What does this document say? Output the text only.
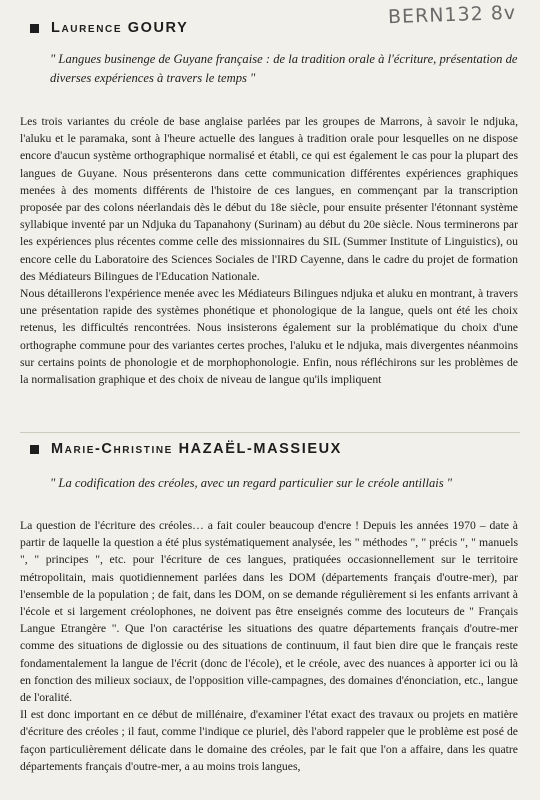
BERN132 8v
Laurence GOURY
" Langues businenge de Guyane française : de la tradition orale à l'écriture, présentation de diverses expériences à travers le temps "

Les trois variantes du créole de base anglaise parlées par les groupes de Marrons, à savoir le ndjuka, l'aluku et le paramaka, sont à l'heure actuelle des langues à tradition orale pour lesquelles on ne dispose encore d'aucun système orthographique normalisé et établi, ce qui est également le cas pour la plupart des langues de Guyane. Nous présenterons dans cette communication différentes expériences graphiques menées à des moments différents de l'histoire de ces langues, en commençant par la transcription proposée par des colons néerlandais dès le début du 18e siècle, pour ensuite présenter l'étonnant système syllabique inventé par un Ndjuka du Tapanahony (Surinam) au début du 20e siècle. Nous terminerons par les expériences plus récentes comme celle des missionnaires du SIL (Summer Institute of Linguistics), ou encore celle du Laboratoire des Sciences Sociales de l'IRD Cayenne, dans le cadre du projet de formation des Médiateurs Bilingues de l'Education Nationale.

Nous détaillerons l'expérience menée avec les Médiateurs Bilingues ndjuka et aluku en montrant, à travers une présentation rapide des systèmes phonétique et phonologique de la langue, quels ont été les choix retenus, les difficultés rencontrées. Nous insisterons également sur la problématique du choix d'une orthographe commune pour des variantes certes proches, l'aluku et le ndjuka, mais divergentes néanmoins sur certains points de phonologie et de morphophonologie. Enfin, nous réfléchirons sur les problèmes de la normalisation graphique et des choix de niveau de langue qu'ils impliquent

Marie-Christine HAZAËL-MASSIEUX
" La codification des créoles, avec un regard particulier sur le créole antillais "

La question de l'écriture des créoles… a fait couler beaucoup d'encre ! Depuis les années 1970 – date à partir de laquelle la question a été plus systématiquement analysée, les " méthodes ", " précis ", " manuels ", " principes ", etc. pour l'écriture de ces langues, pratiquées occasionnellement sur le territoire métropolitain, mais quotidiennement parlées dans les DOM (départements français d'outre-mer), par l'ensemble de la population ; de fait, dans les DOM, on se demande régulièrement si les enfants arrivant à l'école et si largement créolophones, ne doivent pas être enseignés comme des locuteurs de " Français Langue Etrangère ". Que l'on caractérise les situations des quatre départements français d'outre-mer comme des situations de diglossie ou des situations de continuum, il faut bien dire que le français reste fondamentalement la langue de l'écrit (donc de l'école), et le créole, avec des nuances à apporter ici ou là en fonction des milieux sociaux, de l'opposition ville-campagnes, des domaines d'énonciation, etc., langue de l'oralité.

Il est donc important en ce début de millénaire, d'examiner l'état exact des travaux ou projets en matière d'écriture des créoles ; il faut, comme l'indique ce pluriel, dès l'abord rappeler que le problème est posé de façon particulièrement délicate dans le domaine des créoles, par le fait que l'on a affaire, dans les quatre départements français d'outre-mer, a au moins trois langues,
